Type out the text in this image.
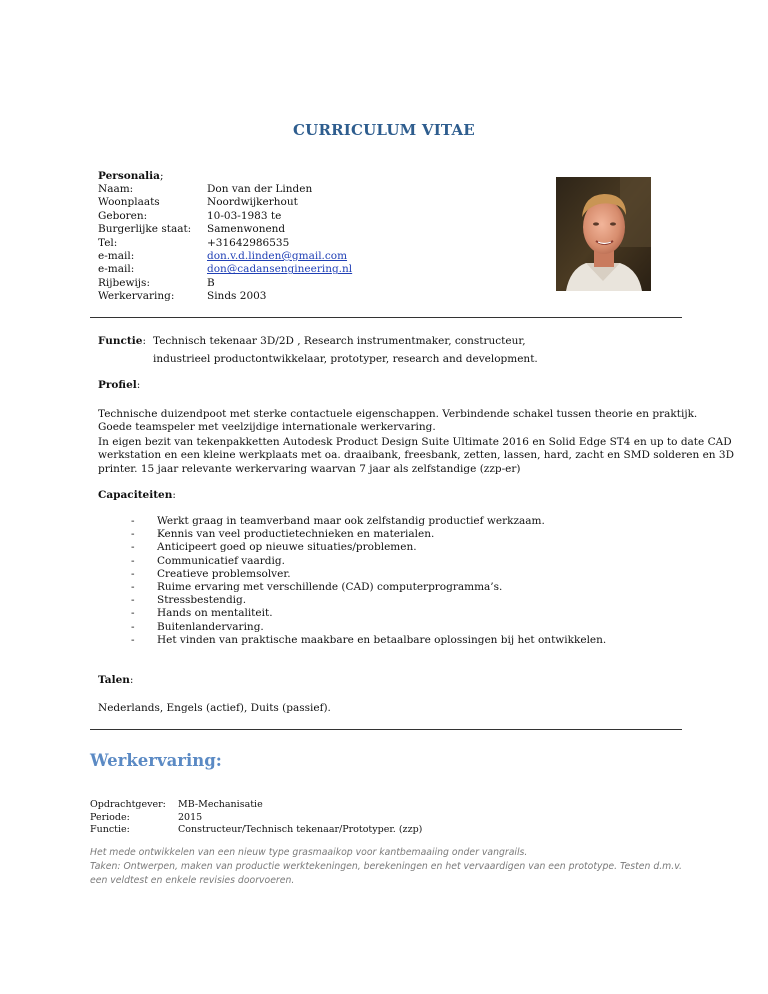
CURRICULUM VITAE
Personalia;
Naam:	Don van der Linden
Woonplaats	Noordwijkerhout
Geboren:	10-03-1983 te
Burgerlijke staat: Samenwonend
Tel:	+31642986535
e-mail:	don.v.d.linden@gmail.com
e-mail:	don@cadansengineering.nl
Rijbewijs:	B
Werkervaring:	Sinds 2003
Functie: Technisch tekenaar 3D/2D , Research instrumentmaker, constructeur,
industrieel productontwikkelaar, prototyper, research and development.
Profiel:
Technische duizendpoot met sterke contactuele eigenschappen. Verbindende schakel tussen theorie en praktijk.
Goede teamspeler met veelzijdige internationale werkervaring.
In eigen bezit van tekenpakketten Autodesk Product Design Suite Ultimate 2016 en Solid Edge ST4 en up to date CAD
werkstation en een kleine werkplaats met oa. draaibank, freesbank, zetten, lassen, hard, zacht en SMD solderen en 3D
printer. 15 jaar relevante werkervaring waarvan 7 jaar als zelfstandige (zzp-er)
Capaciteiten:
- Werkt graag in teamverband maar ook zelfstandig productief werkzaam.
- Kennis van veel productietechnieken en materialen.
- Anticipeert goed op nieuwe situaties/problemen.
- Communicatief vaardig.
- Creatieve problemsolver.
- Ruime ervaring met verschillende (CAD) computerprogramma’s.
- Stressbestendig.
- Hands on mentaliteit.
- Buitenlandervaring.
- Het vinden van praktische maakbare en betaalbare oplossingen bij het ontwikkelen.
Talen:
Nederlands, Engels (actief), Duits (passief).
Werkervaring:
Opdrachtgever: MB-Mechanisatie
Periode:	2015
Functie:	Constructeur/Technisch tekenaar/Prototyper. (zzp)
Het mede ontwikkelen van een nieuw type grasmaaikop voor kantbemaaiing onder vangrails.
Taken: Ontwerpen, maken van productie werktekeningen, berekeningen en het vervaardigen van een prototype. Testen d.m.v.
een veldtest en enkele revisies doorvoeren.
